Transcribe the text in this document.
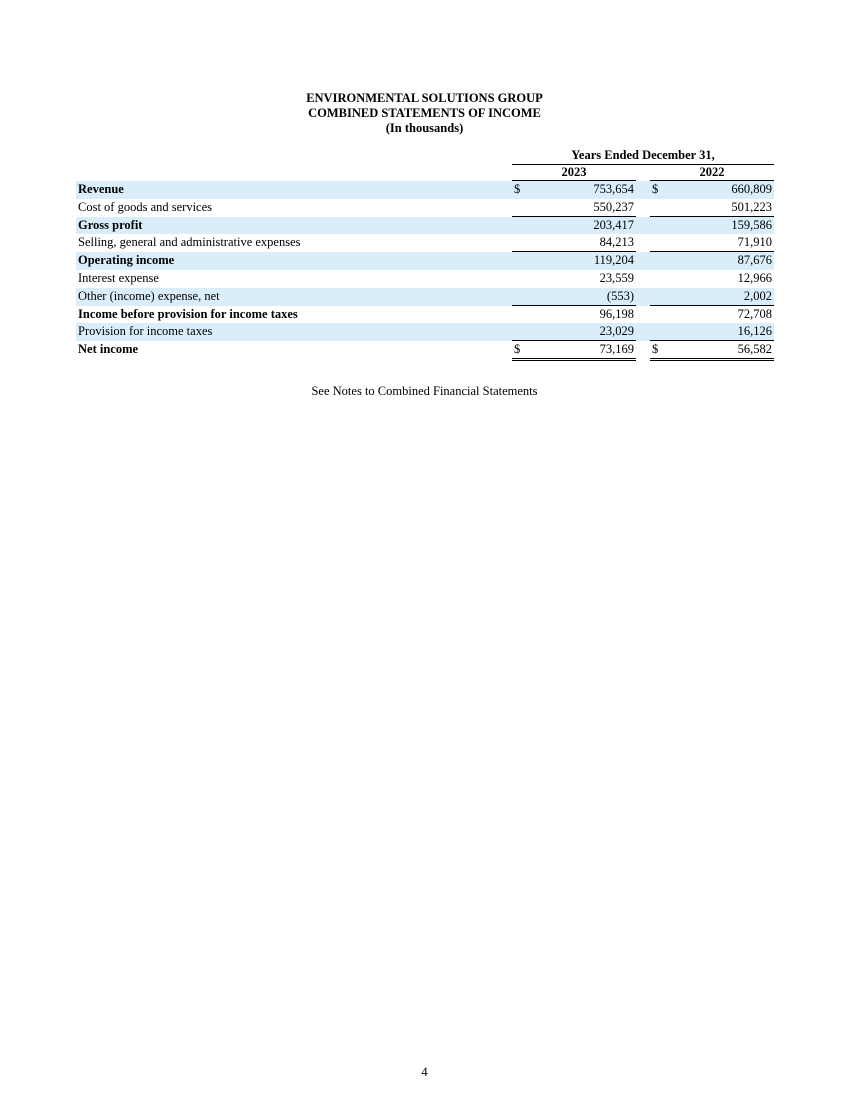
ENVIRONMENTAL SOLUTIONS GROUP
COMBINED STATEMENTS OF INCOME
(In thousands)
Years Ended December 31,
2023	2022
Revenue	$	753,654 $	660,809
Cost of goods and services	550,237	501,223
Gross profit	203,417	159,586
Selling, general and administrative expenses	84,213	71,910
Operating income	119,204	87,676
Interest expense	23,559	12,966
Other (income) expense, net	(553)	2,002
Income before provision for income taxes	96,198	72,708
Provision for income taxes	23,029	16,126
Net income	$	73,169 $	56,582
See Notes to Combined Financial Statements
4
